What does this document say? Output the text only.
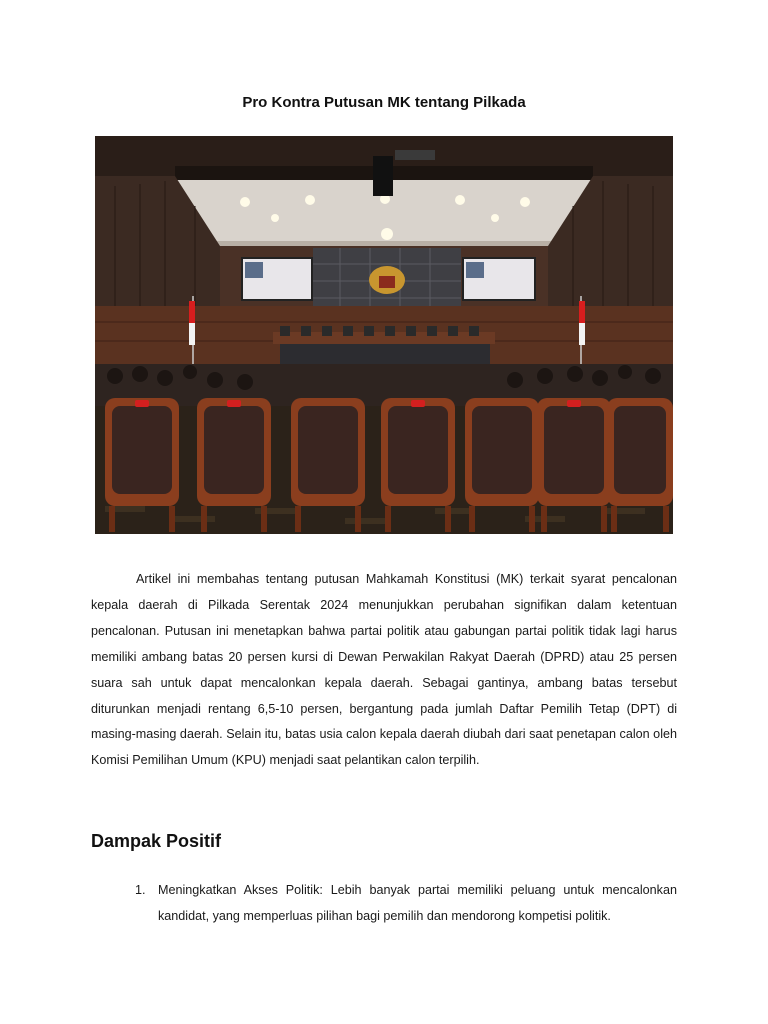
Pro Kontra Putusan MK tentang Pilkada

Artikel ini membahas tentang putusan Mahkamah Konstitusi (MK) terkait syarat pencalonan kepala daerah di Pilkada Serentak 2024 menunjukkan perubahan signifikan dalam ketentuan pencalonan. Putusan ini menetapkan bahwa partai politik atau gabungan partai politik tidak lagi harus memiliki ambang batas 20 persen kursi di Dewan Perwakilan Rakyat Daerah (DPRD) atau 25 persen suara sah untuk dapat mencalonkan kepala daerah. Sebagai gantinya, ambang batas tersebut diturunkan menjadi rentang 6,5-10 persen, bergantung pada jumlah Daftar Pemilih Tetap (DPT) di masing-masing daerah. Selain itu, batas usia calon kepala daerah diubah dari saat penetapan calon oleh Komisi Pemilihan Umum (KPU) menjadi saat pelantikan calon terpilih.

Dampak Positif
1. Meningkatkan Akses Politik: Lebih banyak partai memiliki peluang untuk mencalonkan kandidat, yang memperluas pilihan bagi pemilih dan mendorong kompetisi politik.
